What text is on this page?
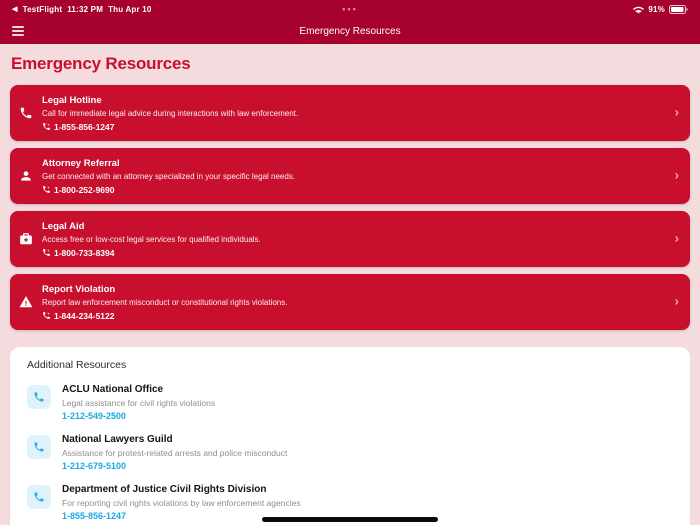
◀ TestFlight 11:32 PM Thu Apr 10	•••	91%
Emergency Resources
Emergency Resources
Legal Hotline
Call for immediate legal advice during interactions with law enforcement.
1-855-856-1247
›
Attorney Referral
Get connected with an attorney specialized in your specific legal needs.
1-800-252-9690
›
Legal Aid
Access free or low-cost legal services for qualified individuals.
1-800-733-8394
›
Report Violation
Report law enforcement misconduct or constitutional rights violations.
1-844-234-5122
›
Additional Resources
ACLU National Office
Legal assistance for civil rights violations
1-212-549-2500
National Lawyers Guild
Assistance for protest-related arrests and police misconduct
1-212-679-5100
Department of Justice Civil Rights Division
For reporting civil rights violations by law enforcement agencies
1-855-856-1247
